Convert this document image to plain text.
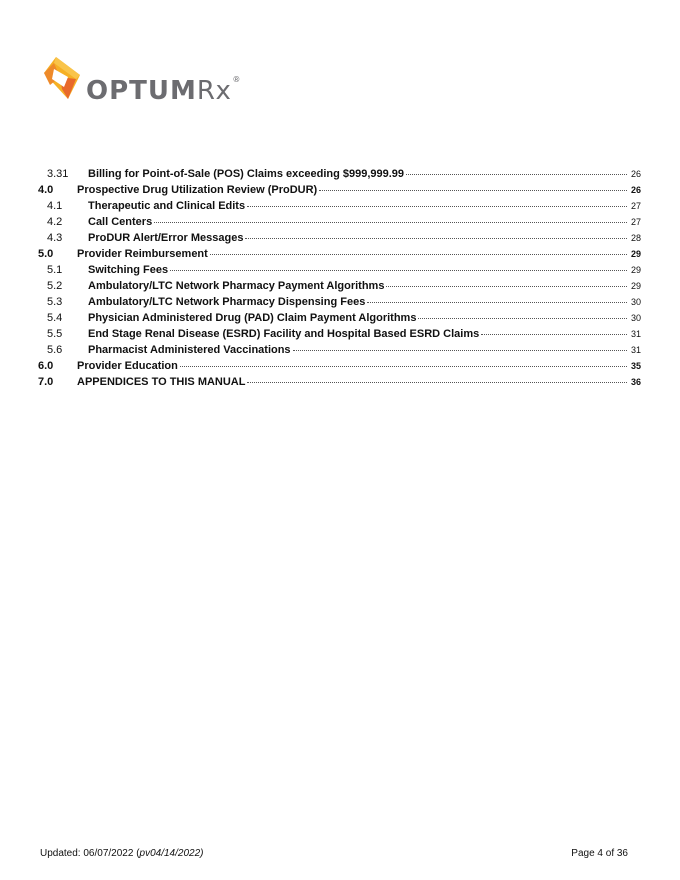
OPTUMRx®
3.31	Billing for Point-of-Sale (POS) Claims exceeding $999,999.99	26
4.0	Prospective Drug Utilization Review (ProDUR)	26
4.1	Therapeutic and Clinical Edits	27
4.2	Call Centers	27
4.3	ProDUR Alert/Error Messages	28
5.0	Provider Reimbursement	29
5.1	Switching Fees	29
5.2	Ambulatory/LTC Network Pharmacy Payment Algorithms	29
5.3	Ambulatory/LTC Network Pharmacy Dispensing Fees	30
5.4	Physician Administered Drug (PAD) Claim Payment Algorithms	30
5.5	End Stage Renal Disease (ESRD) Facility and Hospital Based ESRD Claims	31
5.6	Pharmacist Administered Vaccinations	31
6.0	Provider Education	35
7.0	APPENDICES TO THIS MANUAL	36
Updated: 06/07/2022 (pv04/14/2022)	Page 4 of 36
